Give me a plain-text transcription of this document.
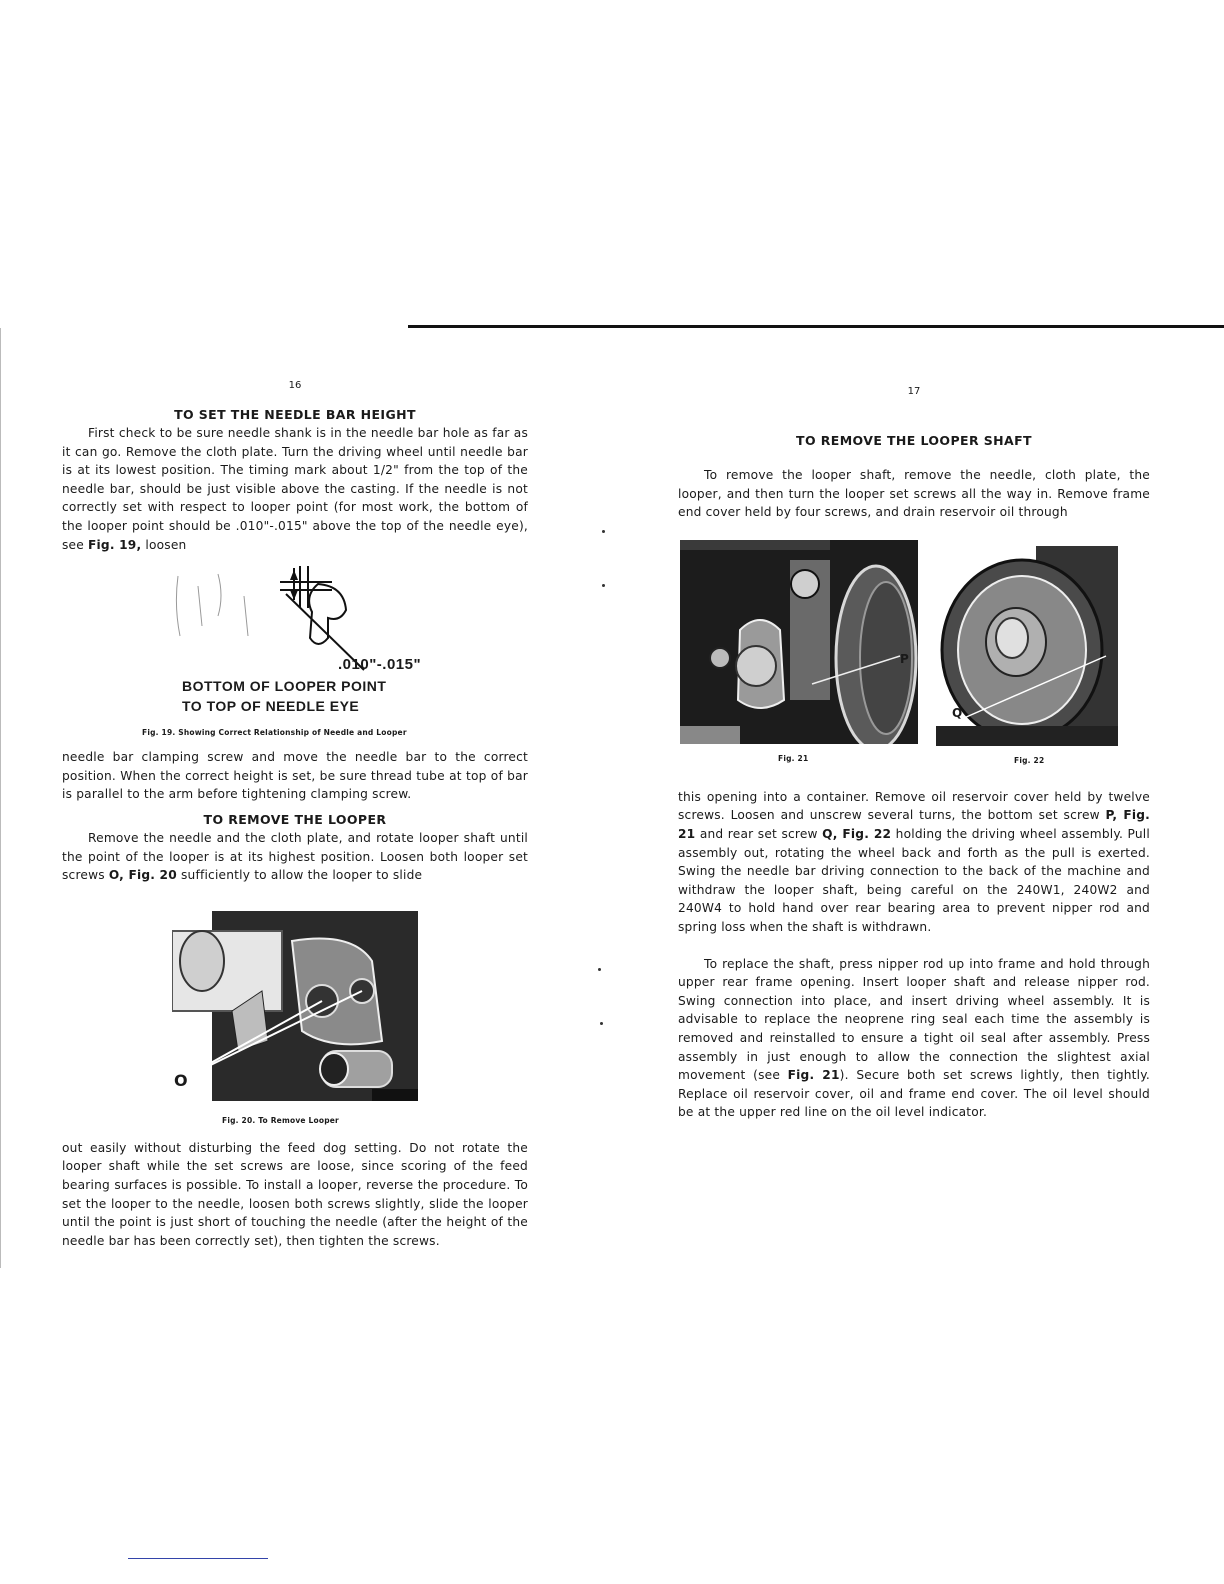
16

TO SET THE NEEDLE BAR HEIGHT

First check to be sure needle shank is in the needle bar hole as far as it can go. Remove the cloth plate. Turn the driving wheel until needle bar is at its lowest position. The timing mark about 1/2" from the top of the needle bar, should be just visible above the casting. If the needle is not correctly set with respect to looper point (for most work, the bottom of the looper point should be .010"-.015" above the top of the needle eye), see Fig. 19, loosen

.010"-.015"
BOTTOM OF LOOPER POINT
TO TOP OF NEEDLE EYE

Fig. 19. Showing Correct Relationship of Needle and Looper

needle bar clamping screw and move the needle bar to the correct position. When the correct height is set, be sure thread tube at top of bar is parallel to the arm before tightening clamping screw.

TO REMOVE THE LOOPER

Remove the needle and the cloth plate, and rotate looper shaft until the point of the looper is at its highest position. Loosen both looper set screws O, Fig. 20 sufficiently to allow the looper to slide

O

Fig. 20. To Remove Looper

out easily without disturbing the feed dog setting. Do not rotate the looper shaft while the set screws are loose, since scoring of the feed bearing surfaces is possible. To install a looper, reverse the procedure. To set the looper to the needle, loosen both screws slightly, slide the looper until the point is just short of touching the needle (after the height of the needle bar has been correctly set), then tighten the screws.

17

TO REMOVE THE LOOPER SHAFT

To remove the looper shaft, remove the needle, cloth plate, the looper, and then turn the looper set screws all the way in. Remove frame end cover held by four screws, and drain reservoir oil through

P
Q

Fig. 21	Fig. 22

this opening into a container. Remove oil reservoir cover held by twelve screws. Loosen and unscrew several turns, the bottom set screw P, Fig. 21 and rear set screw Q, Fig. 22 holding the driving wheel assembly. Pull assembly out, rotating the wheel back and forth as the pull is exerted. Swing the needle bar driving connection to the back of the machine and withdraw the looper shaft, being careful on the 240W1, 240W2 and 240W4 to hold hand over rear bearing area to prevent nipper rod and spring loss when the shaft is withdrawn.

To replace the shaft, press nipper rod up into frame and hold through upper rear frame opening. Insert looper shaft and release nipper rod. Swing connection into place, and insert driving wheel assembly. It is advisable to replace the neoprene ring seal each time the assembly is removed and reinstalled to ensure a tight oil seal after assembly. Press assembly in just enough to allow the connection the slightest axial movement (see Fig. 21). Secure both set screws lightly, then tightly. Replace oil reservoir cover, oil and frame end cover. The oil level should be at the upper red line on the oil level indicator.
